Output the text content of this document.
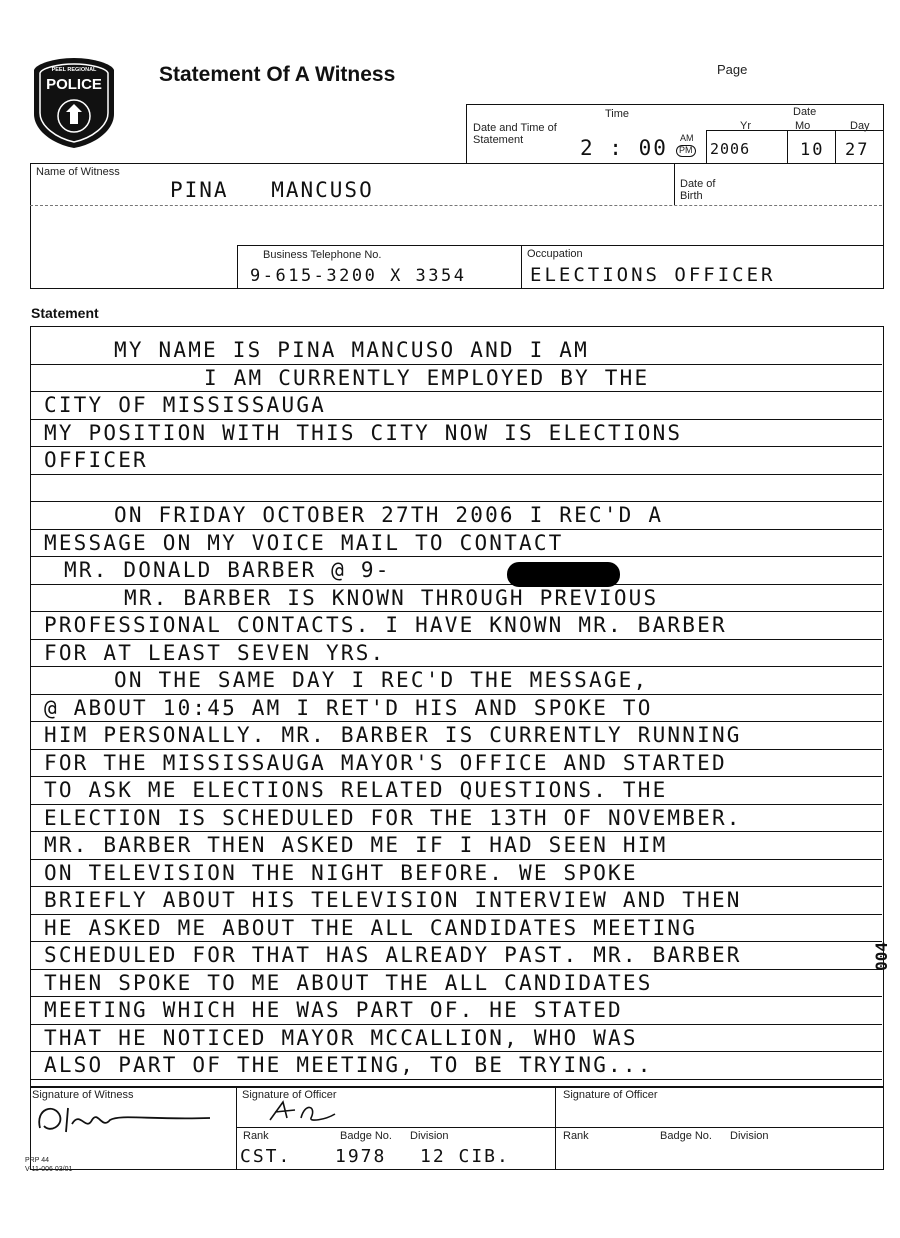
PEEL REGIONAL
POLICE	Statement Of A Witness	Page
Date and Time of Statement
Time
2 : 00 AM
PM
Date
Yr	Mo	Day
2006	10 27
Name of Witness
PINA MANCUSO	Date of Birth
Business Telephone No.
9-615-3200 X 3354
Occupation
ELECTIONS OFFICER
Statement
MY NAME IS PINA MANCUSO AND I AM
I AM CURRENTLY EMPLOYED BY THE
CITY OF MISSISSAUGA
MY POSITION WITH THIS CITY NOW IS ELECTIONS
OFFICER
ON FRIDAY OCTOBER 27TH 2006 I REC'D A
MESSAGE ON MY VOICE MAIL TO CONTACT
MR. DONALD BARBER @ 9-
MR. BARBER IS KNOWN THROUGH PREVIOUS
PROFESSIONAL CONTACTS. I HAVE KNOWN MR. BARBER
FOR AT LEAST SEVEN YRS.
ON THE SAME DAY I REC'D THE MESSAGE,
@ ABOUT 10:45 AM I RET'D HIS AND SPOKE TO
HIM PERSONALLY. MR. BARBER IS CURRENTLY RUNNING
FOR THE MISSISSAUGA MAYOR'S OFFICE AND STARTED
TO ASK ME ELECTIONS RELATED QUESTIONS. THE
ELECTION IS SCHEDULED FOR THE 13TH OF NOVEMBER.
MR. BARBER THEN ASKED ME IF I HAD SEEN HIM
ON TELEVISION THE NIGHT BEFORE. WE SPOKE
BRIEFLY ABOUT HIS TELEVISION INTERVIEW AND THEN
HE ASKED ME ABOUT THE ALL CANDIDATES MEETING
SCHEDULED FOR THAT HAS ALREADY PAST. MR. BARBER
THEN SPOKE TO ME ABOUT THE ALL CANDIDATES
MEETING WHICH HE WAS PART OF. HE STATED
THAT HE NOTICED MAYOR MCCALLION, WHO WAS
ALSO PART OF THE MEETING, TO BE TRYING...
004
Signature of Witness	Signature of Officer	Signature of Officer
Rank	Badge No. Division	Rank	Badge No. Division
CST. 1978 12 CIB.
PRP 44
V-11-006 03/01
